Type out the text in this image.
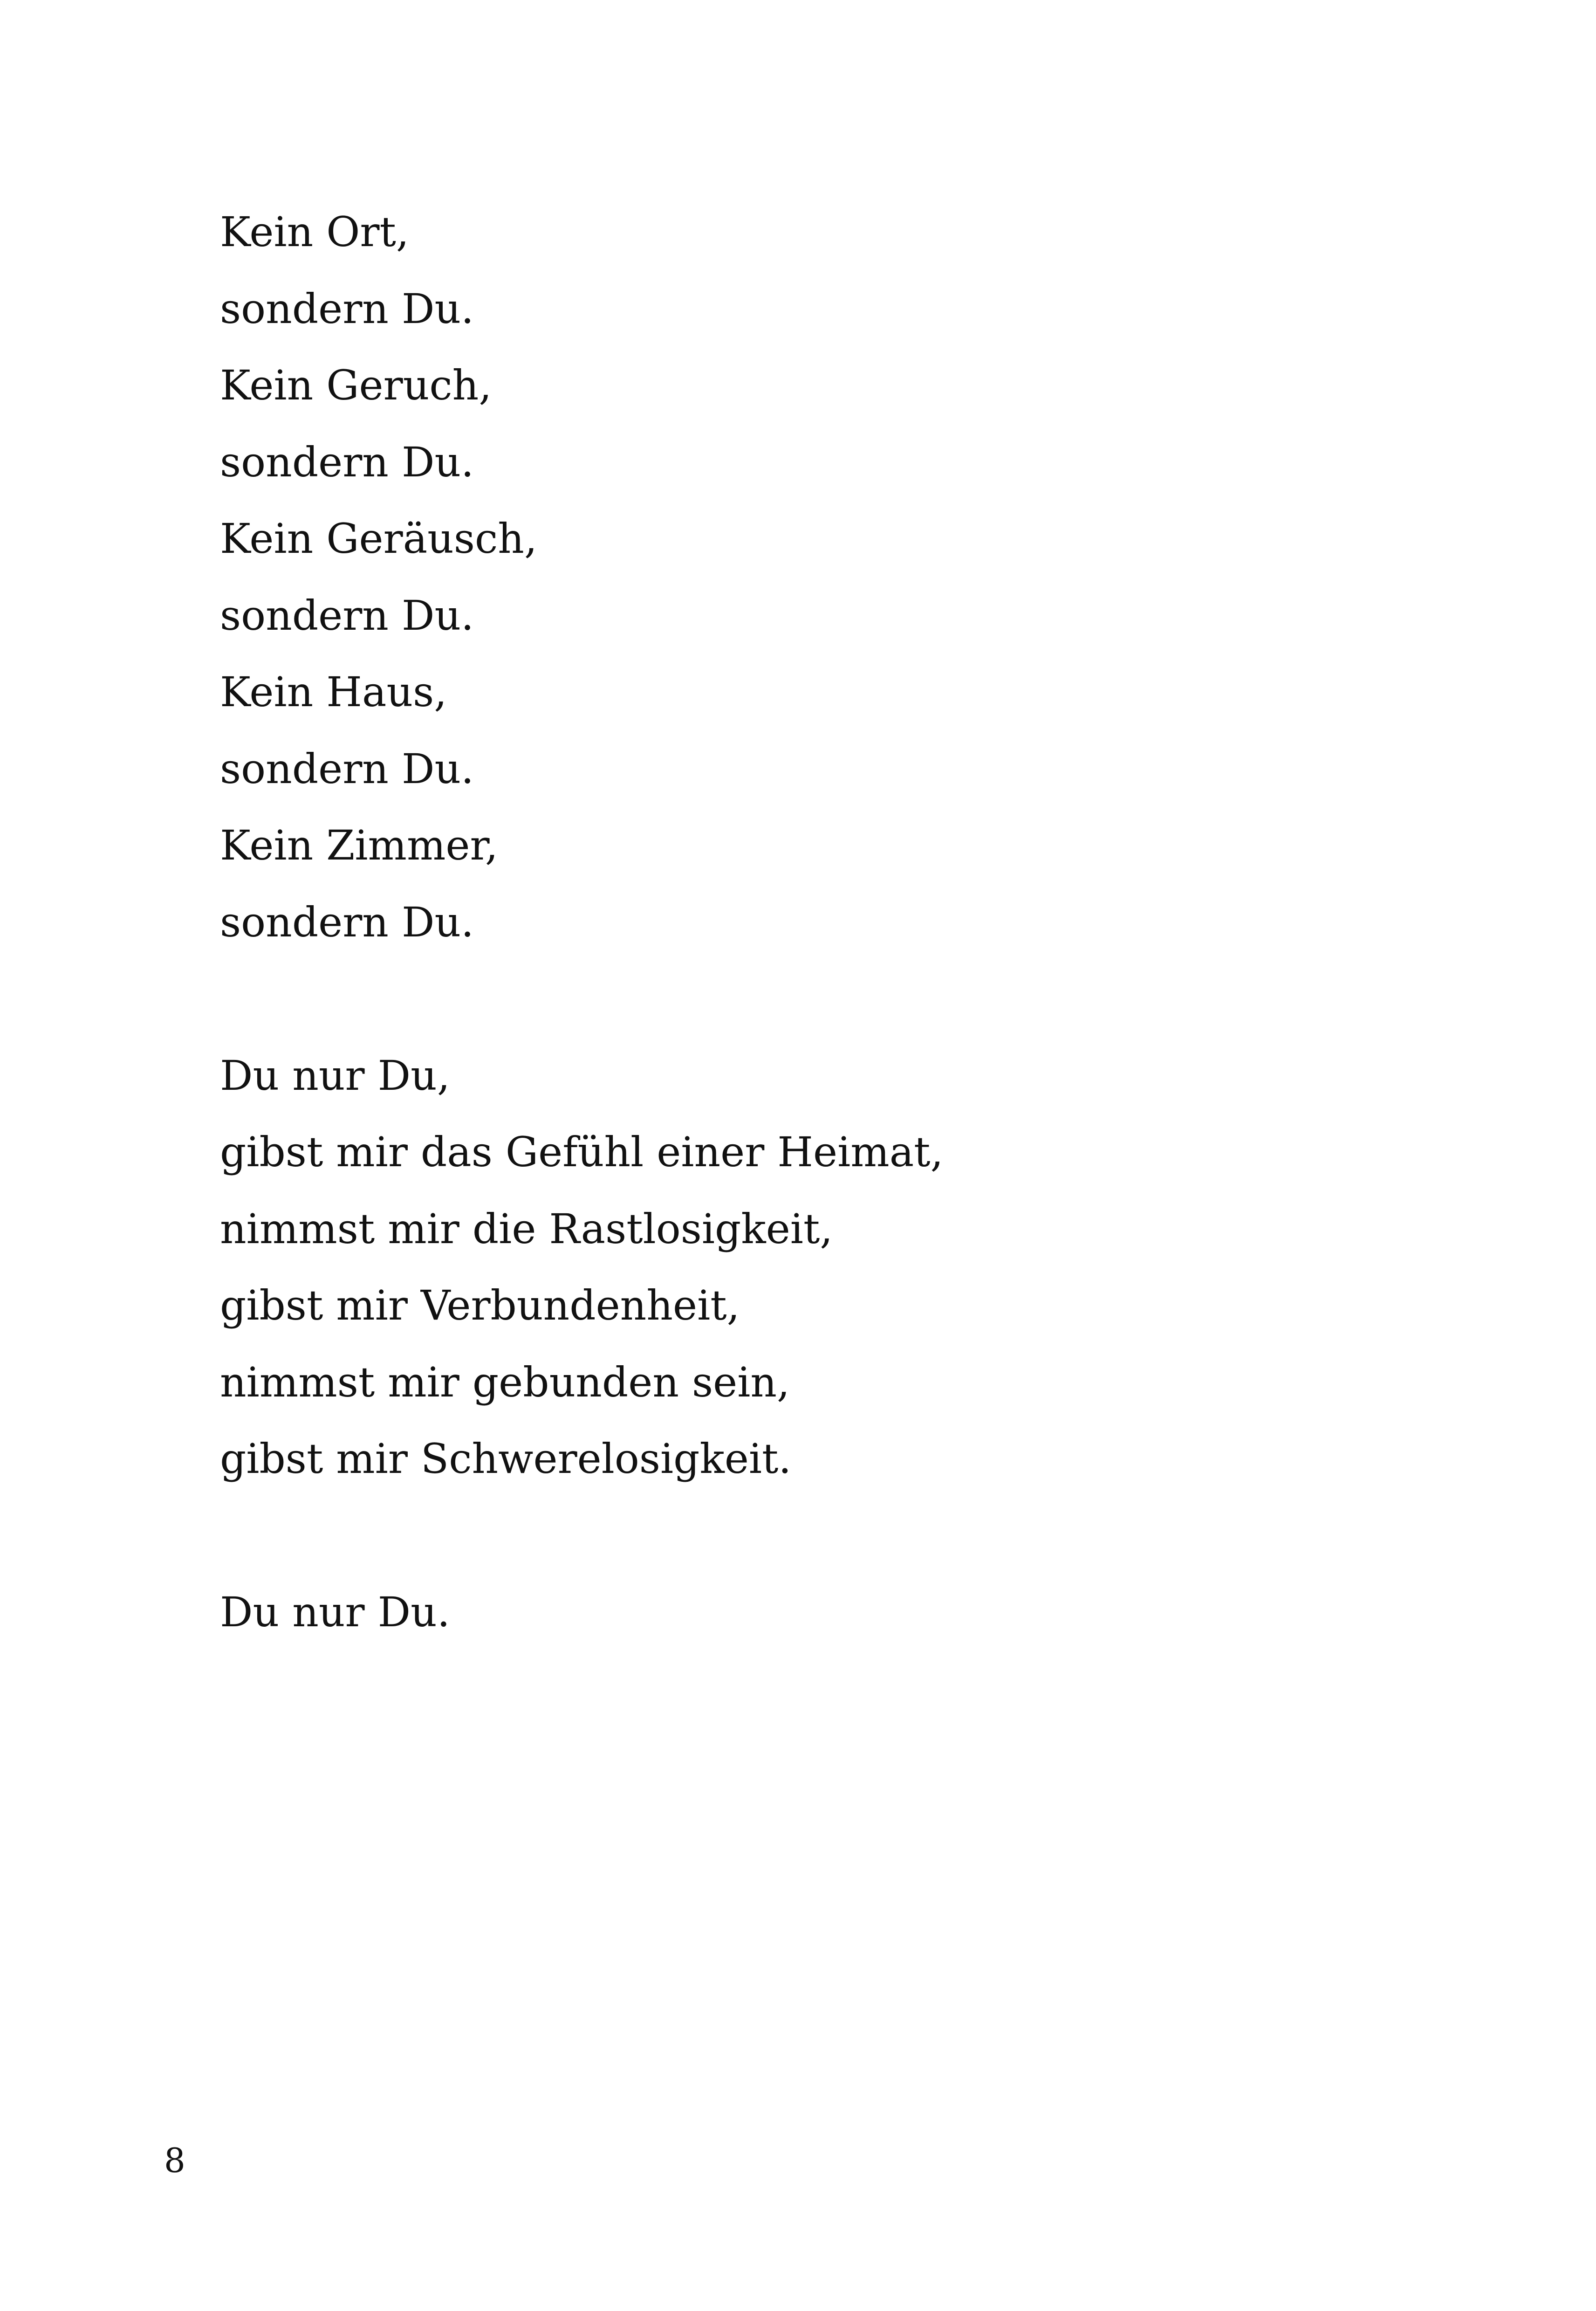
Kein Ort,

sondern Du.

Kein Geruch,

sondern Du.

Kein Geräusch,

sondern Du.

Kein Haus,

sondern Du.

Kein Zimmer,

sondern Du.

Du nur Du,

gibst mir das Gefühl einer Heimat,

nimmst mir die Rastlosigkeit,

gibst mir Verbundenheit,

nimmst mir gebunden sein,

gibst mir Schwerelosigkeit.

Du nur Du.

8
